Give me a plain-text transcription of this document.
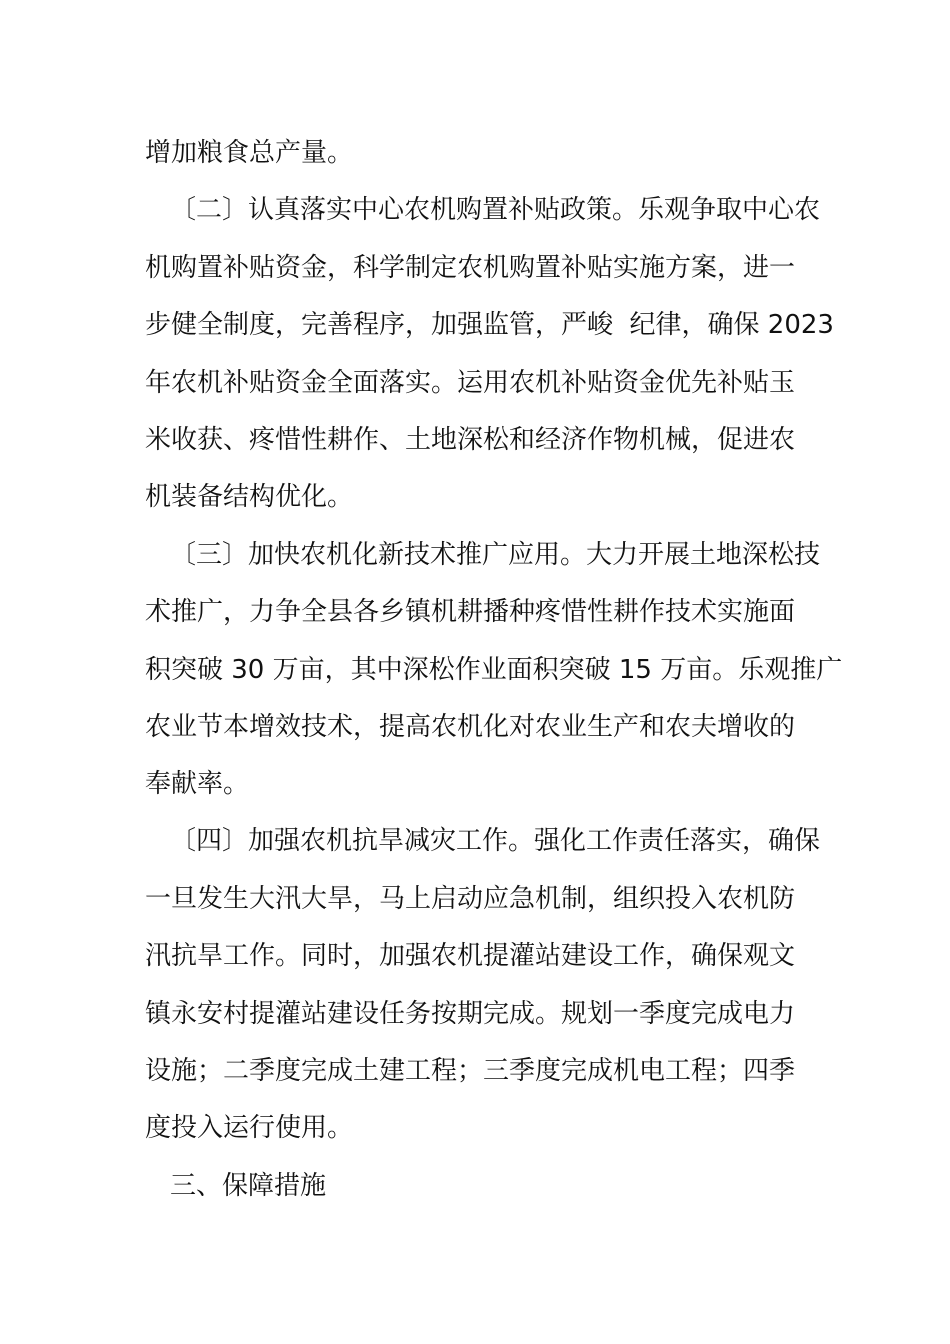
增加粮食总产量。

〔二〕认真落实中心农机购置补贴政策。乐观争取中心农

机购置补贴资金，科学制定农机购置补贴实施方案，进一

步健全制度，完善程序，加强监管，严峻  纪律，确保 2023

年农机补贴资金全面落实。运用农机补贴资金优先补贴玉

米收获、疼惜性耕作、土地深松和经济作物机械，促进农

机装备结构优化。

〔三〕加快农机化新技术推广应用。大力开展土地深松技

术推广，力争全县各乡镇机耕播种疼惜性耕作技术实施面

积突破 30 万亩，其中深松作业面积突破 15 万亩。乐观推广

农业节本增效技术，提高农机化对农业生产和农夫增收的

奉献率。

〔四〕加强农机抗旱减灾工作。强化工作责任落实，确保

一旦发生大汛大旱，马上启动应急机制，组织投入农机防

汛抗旱工作。同时，加强农机提灌站建设工作，确保观文

镇永安村提灌站建设任务按期完成。规划一季度完成电力

设施；二季度完成土建工程；三季度完成机电工程；四季

度投入运行使用。

三、保障措施
